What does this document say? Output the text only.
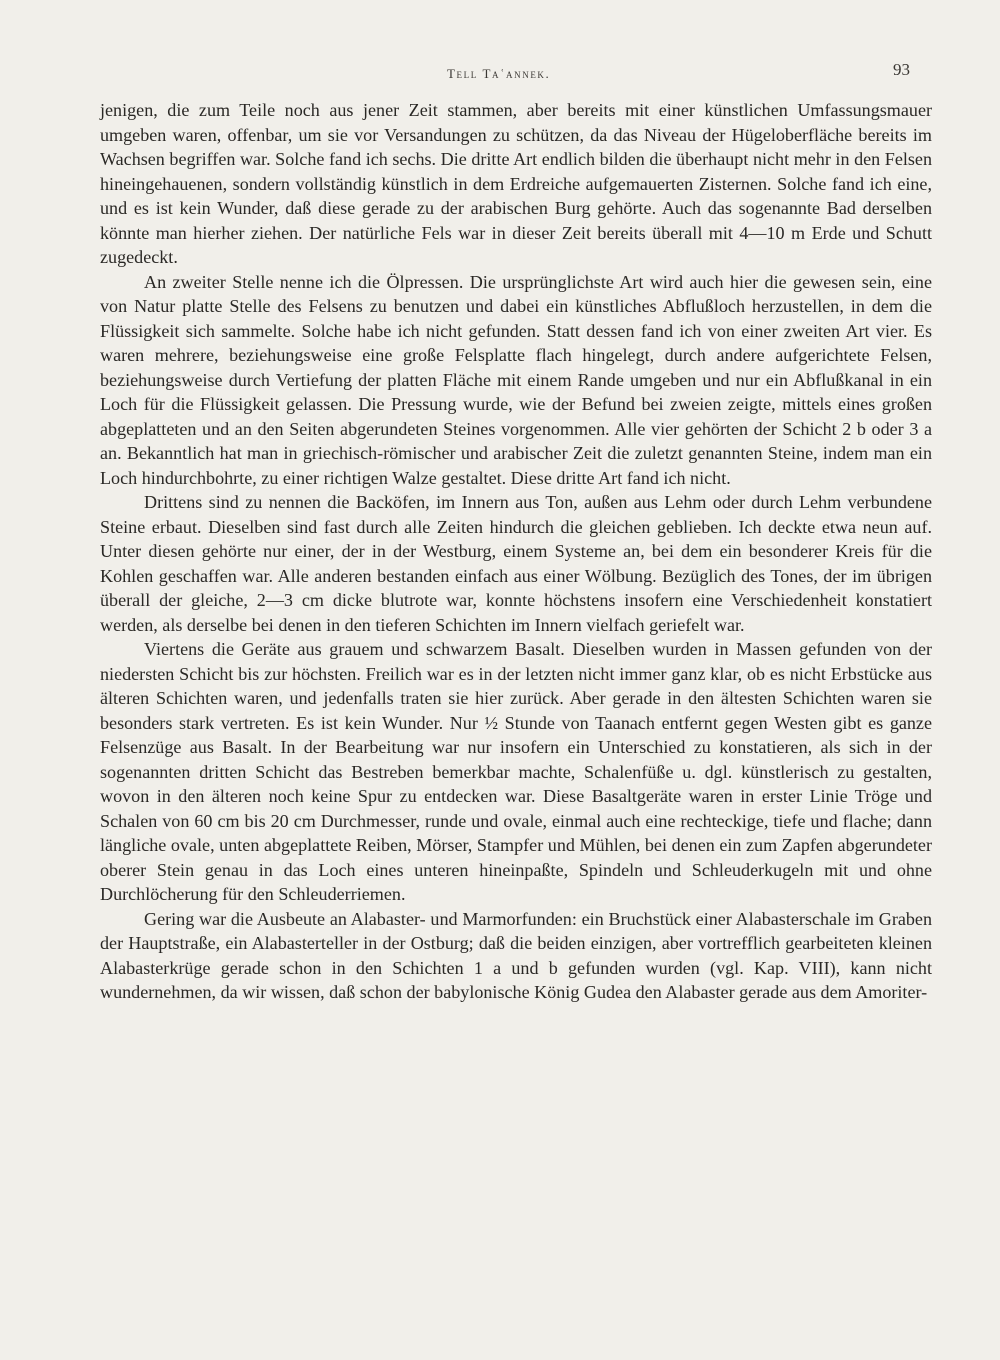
Tell Taʿannek.	93

jenigen, die zum Teile noch aus jener Zeit stammen, aber bereits mit einer künstlichen Umfassungsmauer umgeben waren, offenbar, um sie vor Versandungen zu schützen, da das Niveau der Hügeloberfläche bereits im Wachsen begriffen war. Solche fand ich sechs. Die dritte Art endlich bilden die überhaupt nicht mehr in den Felsen hineingehauenen, sondern vollständig künstlich in dem Erdreiche aufgemauerten Zisternen. Solche fand ich eine, und es ist kein Wunder, daß diese gerade zu der arabischen Burg gehörte. Auch das sogenannte Bad derselben könnte man hierher ziehen. Der natürliche Fels war in dieser Zeit bereits überall mit 4—10 m Erde und Schutt zugedeckt.

An zweiter Stelle nenne ich die Ölpressen. Die ursprünglichste Art wird auch hier die gewesen sein, eine von Natur platte Stelle des Felsens zu benutzen und dabei ein künstliches Abflußloch herzustellen, in dem die Flüssigkeit sich sammelte. Solche habe ich nicht gefunden. Statt dessen fand ich von einer zweiten Art vier. Es waren mehrere, beziehungsweise eine große Felsplatte flach hingelegt, durch andere aufgerichtete Felsen, beziehungsweise durch Vertiefung der platten Fläche mit einem Rande umgeben und nur ein Abflußkanal in ein Loch für die Flüssigkeit gelassen. Die Pressung wurde, wie der Befund bei zweien zeigte, mittels eines großen abgeplatteten und an den Seiten abgerundeten Steines vorgenommen. Alle vier gehörten der Schicht 2 b oder 3 a an. Bekanntlich hat man in griechisch-römischer und arabischer Zeit die zuletzt genannten Steine, indem man ein Loch hindurchbohrte, zu einer richtigen Walze gestaltet. Diese dritte Art fand ich nicht.

Drittens sind zu nennen die Backöfen, im Innern aus Ton, außen aus Lehm oder durch Lehm verbundene Steine erbaut. Dieselben sind fast durch alle Zeiten hindurch die gleichen geblieben. Ich deckte etwa neun auf. Unter diesen gehörte nur einer, der in der Westburg, einem Systeme an, bei dem ein besonderer Kreis für die Kohlen geschaffen war. Alle anderen bestanden einfach aus einer Wölbung. Bezüglich des Tones, der im übrigen überall der gleiche, 2—3 cm dicke blutrote war, konnte höchstens insofern eine Verschiedenheit konstatiert werden, als derselbe bei denen in den tieferen Schichten im Innern vielfach geriefelt war.

Viertens die Geräte aus grauem und schwarzem Basalt. Dieselben wurden in Massen gefunden von der niedersten Schicht bis zur höchsten. Freilich war es in der letzten nicht immer ganz klar, ob es nicht Erbstücke aus älteren Schichten waren, und jedenfalls traten sie hier zurück. Aber gerade in den ältesten Schichten waren sie besonders stark vertreten. Es ist kein Wunder. Nur ½ Stunde von Taanach entfernt gegen Westen gibt es ganze Felsenzüge aus Basalt. In der Bearbeitung war nur insofern ein Unterschied zu konstatieren, als sich in der sogenannten dritten Schicht das Bestreben bemerkbar machte, Schalenfüße u. dgl. künstlerisch zu gestalten, wovon in den älteren noch keine Spur zu entdecken war. Diese Basaltgeräte waren in erster Linie Tröge und Schalen von 60 cm bis 20 cm Durchmesser, runde und ovale, einmal auch eine rechteckige, tiefe und flache; dann längliche ovale, unten abgeplattete Reiben, Mörser, Stampfer und Mühlen, bei denen ein zum Zapfen abgerundeter oberer Stein genau in das Loch eines unteren hineinpaßte, Spindeln und Schleuderkugeln mit und ohne Durchlöcherung für den Schleuderriemen.

Gering war die Ausbeute an Alabaster- und Marmorfunden: ein Bruchstück einer Alabasterschale im Graben der Hauptstraße, ein Alabasterteller in der Ostburg; daß die beiden einzigen, aber vortrefflich gearbeiteten kleinen Alabasterkrüge gerade schon in den Schichten 1 a und b gefunden wurden (vgl. Kap. VIII), kann nicht wundernehmen, da wir wissen, daß schon der babylonische König Gudea den Alabaster gerade aus dem Amoriter-
